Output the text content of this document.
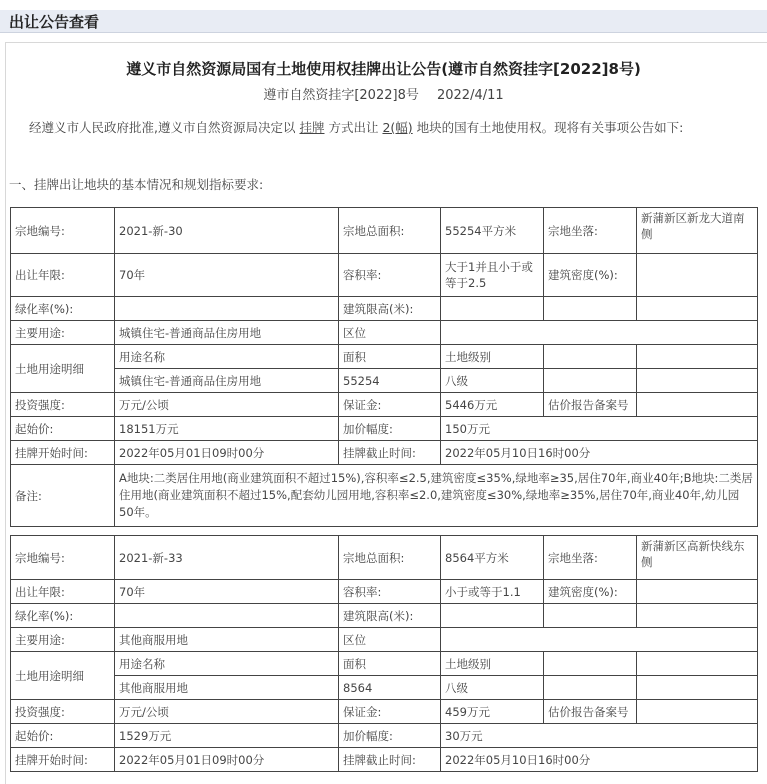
出让公告查看
遵义市自然资源局国有土地使用权挂牌出让公告(遵市自然资挂字[2022]8号)
遵市自然资挂字[2022]8号 2022/4/11
经遵义市人民政府批准,遵义市自然资源局决定以 挂牌 方式出让 2(幅) 地块的国有土地使用权。现将有关事项公告如下:
一、挂牌出让地块的基本情况和规划指标要求:
宗地编号:	2021-新-30	宗地总面积:	55254平方米	宗地坐落:	新蒲新区新龙大道南侧
出让年限:	70年	容积率:	大于1并且小于或等于2.5	建筑密度(%):	
绿化率(%):		建筑限高(米):			
主要用途:	城镇住宅-普通商品住房用地	区位			
土地用途明细	用途名称	面积	土地级别		
	城镇住宅-普通商品住房用地	55254	八级		
投资强度:	万元/公顷	保证金:	5446万元	估价报告备案号	
起始价:	18151万元	加价幅度:	150万元		
挂牌开始时间:	2022年05月01日09时00分	挂牌截止时间:	2022年05月10日16时00分		
备注:	A地块:二类居住用地(商业建筑面积不超过15%),容积率≤2.5,建筑密度≤35%,绿地率≥35,居住70年,商业40年;B地块:二类居住用地(商业建筑面积不超过15%,配套幼儿园用地,容积率≤2.0,建筑密度≤30%,绿地率≥35%,居住70年,商业40年,幼儿园50年。				
宗地编号:	2021-新-33	宗地总面积:	8564平方米	宗地坐落:	新蒲新区高新快线东侧
出让年限:	70年	容积率:	小于或等于1.1	建筑密度(%):	
绿化率(%):		建筑限高(米):			
主要用途:	其他商服用地	区位			
土地用途明细	用途名称	面积	土地级别		
	其他商服用地	8564	八级		
投资强度:	万元/公顷	保证金:	459万元	估价报告备案号	
起始价:	1529万元	加价幅度:	30万元		
挂牌开始时间:	2022年05月01日09时00分	挂牌截止时间:	2022年05月10日16时00分		
